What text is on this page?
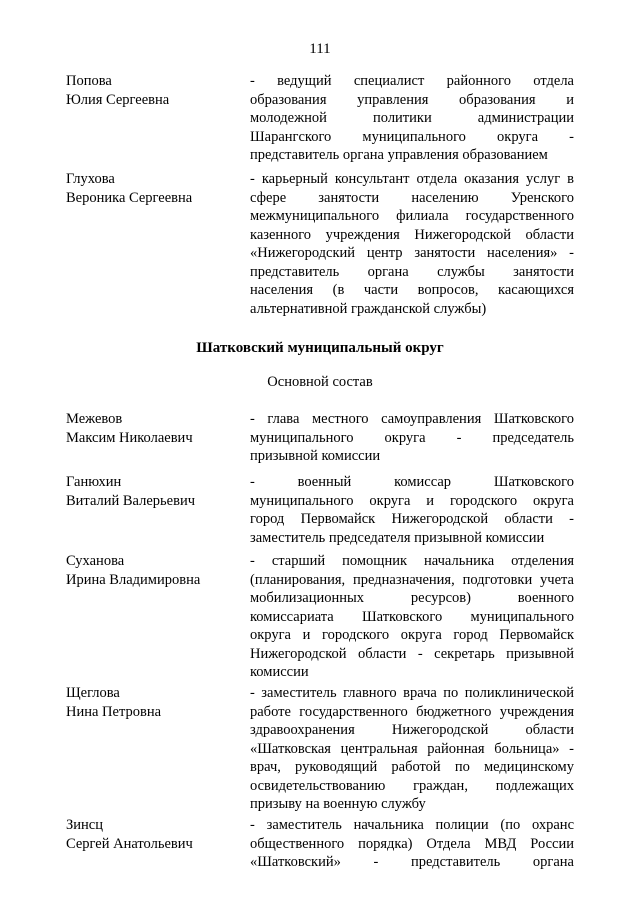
111
Попова
Юлия Сергеевна
- ведущий специалист районного отдела
образования управления образования и
молодежной политики администрации
Шарангского муниципального округа -
представитель органа управления образованием
Глухова
Вероника Сергеевна
- карьерный консультант отдела оказания услуг в
сфере занятости населению Уренского
межмуниципального филиала государственного
казенного учреждения Нижегородской области
«Нижегородский центр занятости населения» -
представитель органа службы занятости
населения (в части вопросов, касающихся
альтернативной гражданской службы)
Шатковский муниципальный округ
Основной состав
Межевов
Максим Николаевич
- глава местного самоуправления Шатковского
муниципального округа - председатель
призывной комиссии
Ганюхин
Виталий Валерьевич
- военный комиссар Шатковского
муниципального округа и городского округа
город Первомайск Нижегородской области -
заместитель председателя призывной комиссии
Суханова
Ирина Владимировна
- старший помощник начальника отделения
(планирования, предназначения, подготовки учета
мобилизационных ресурсов) военного
комиссариата Шатковского муниципального
округа и городского округа город Первомайск
Нижегородской области - секретарь призывной
комиссии
Щеглова
Нина Петровна
- заместитель главного врача по поликлинической
работе государственного бюджетного учреждения
здравоохранения Нижегородской области
«Шатковская центральная районная больница» -
врач, руководящий работой по медицинскому
освидетельствованию граждан, подлежащих
призыву на военную службу
Зинсц
Сергей Анатольевич
- заместитель начальника полиции (по охранс
общественного порядка) Отдела МВД России
«Шатковский» - представитель органа
